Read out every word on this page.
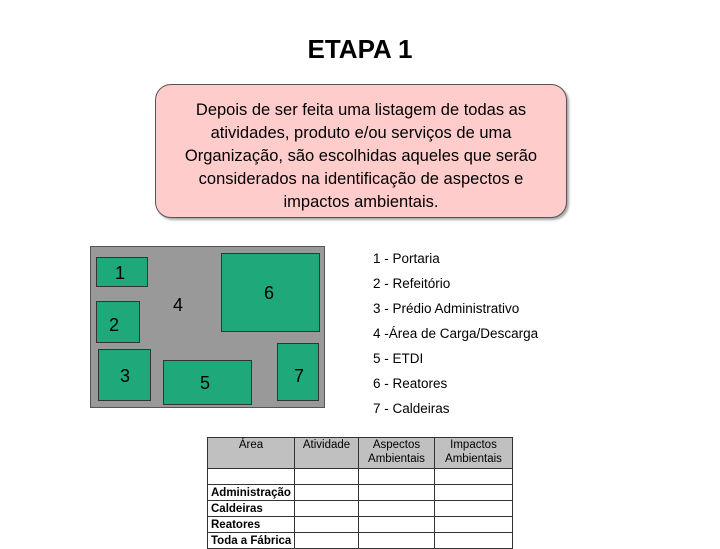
ETAPA 1
Depois de ser feita uma listagem de todas as atividades, produto e/ou serviços de uma Organização, são escolhidas aqueles que serão considerados na identificação de aspectos e impactos ambientais.
1
2
3
4
5
6
7
1 - Portaria
2 - Refeitório
3 - Prédio Administrativo
4 -Área de Carga/Descarga
5 - ETDI
6 - Reatores
7 - Caldeiras
Área	Atividade	Aspectos Ambientais	Impactos Ambientais

Administração			
Caldeiras			
Reatores			
Toda a Fábrica			
